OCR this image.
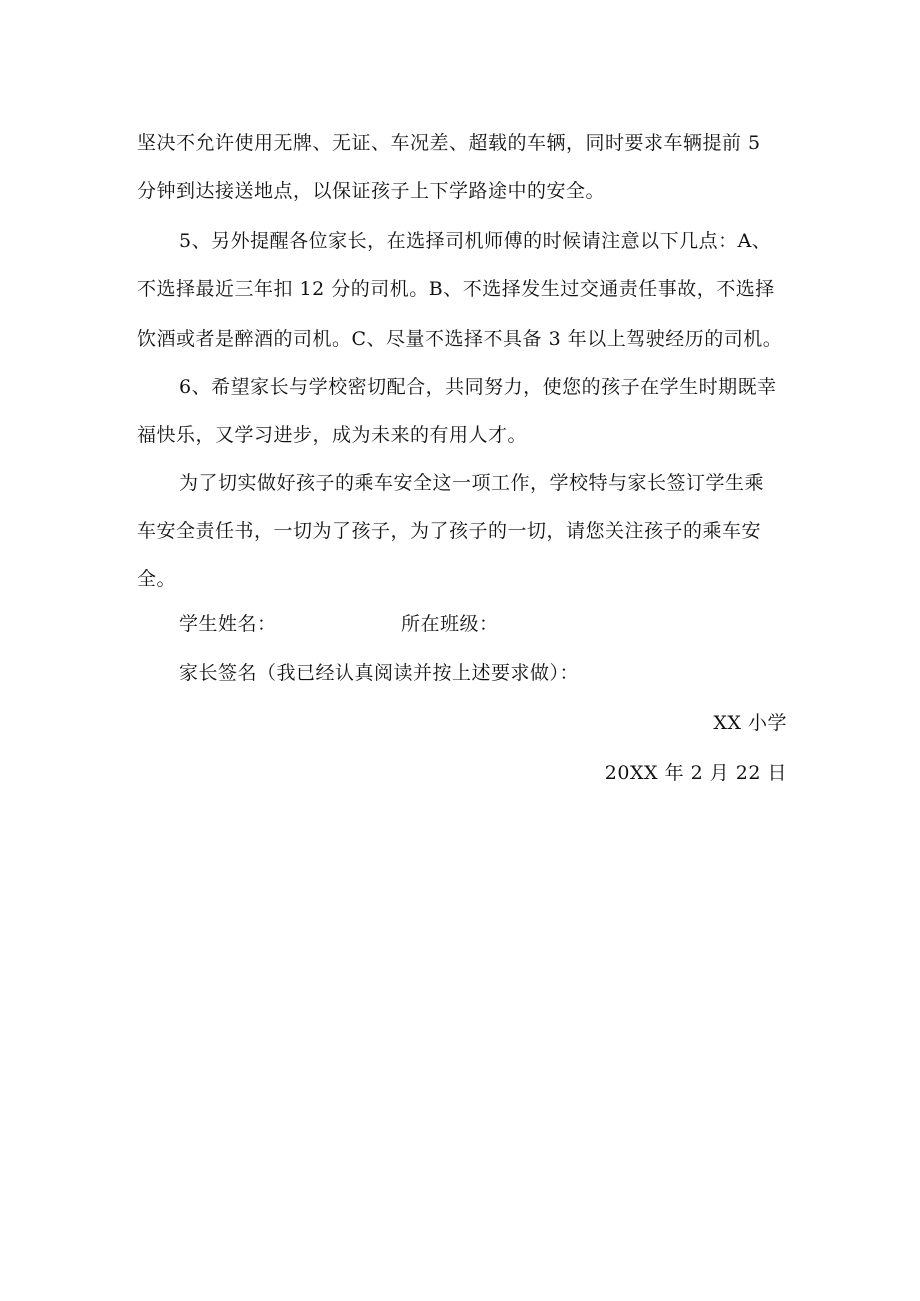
坚决不允许使用无牌、无证、车况差、超载的车辆，同时要求车辆提前 5
分钟到达接送地点，以保证孩子上下学路途中的安全。
5、另外提醒各位家长，在选择司机师傅的时候请注意以下几点：A、
不选择最近三年扣 12 分的司机。B、不选择发生过交通责任事故，不选择
饮酒或者是醉酒的司机。C、尽量不选择不具备 3 年以上驾驶经历的司机。
6、希望家长与学校密切配合，共同努力，使您的孩子在学生时期既幸
福快乐，又学习进步，成为未来的有用人才。
为了切实做好孩子的乘车安全这一项工作，学校特与家长签订学生乘
车安全责任书，一切为了孩子，为了孩子的一切，请您关注孩子的乘车安
全。
学生姓名：	所在班级：
家长签名（我已经认真阅读并按上述要求做）：
XX 小学
20XX 年 2 月 22 日
